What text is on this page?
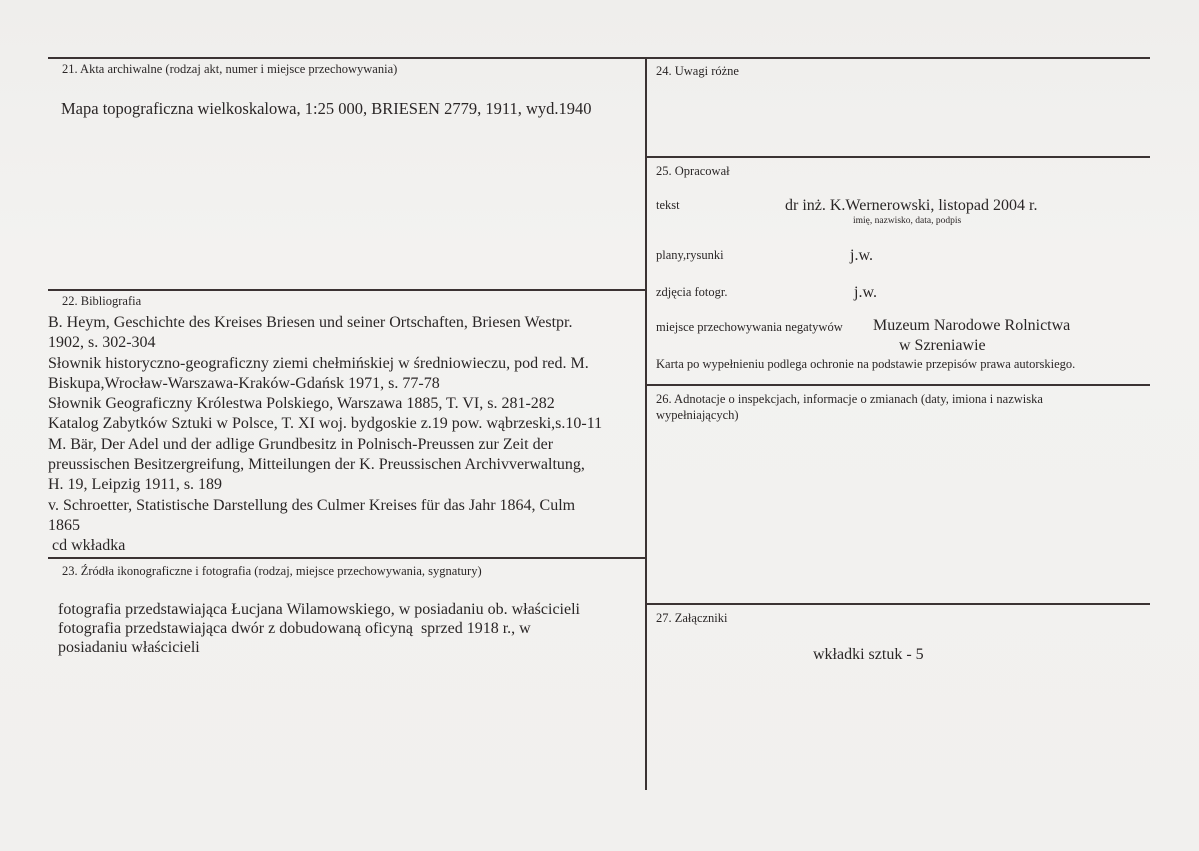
21. Akta archiwalne (rodzaj akt, numer i miejsce przechowywania)
Mapa topograficzna wielkoskalowa, 1:25 000, BRIESEN 2779, 1911, wyd.1940
22. Bibliografia
B. Heym, Geschichte des Kreises Briesen und seiner Ortschaften, Briesen Westpr.
1902, s. 302-304
Słownik historyczno-geograficzny ziemi chełmińskiej w średniowieczu, pod red. M.
Biskupa,Wrocław-Warszawa-Kraków-Gdańsk 1971, s. 77-78
Słownik Geograficzny Królestwa Polskiego, Warszawa 1885, T. VI, s. 281-282
Katalog Zabytków Sztuki w Polsce, T. XI woj. bydgoskie z.19 pow. wąbrzeski,s.10-11
M. Bär, Der Adel und der adlige Grundbesitz in Polnisch-Preussen zur Zeit der
preussischen Besitzergreifung, Mitteilungen der K. Preussischen Archivverwaltung,
H. 19, Leipzig 1911, s. 189
v. Schroetter, Statistische Darstellung des Culmer Kreises für das Jahr 1864, Culm
1865
cd wkładka
23. Źródła ikonograficzne i fotografia (rodzaj, miejsce przechowywania, sygnatury)
fotografia przedstawiająca Łucjana Wilamowskiego, w posiadaniu ob. właścicieli
fotografia przedstawiająca dwór z dobudowaną oficyną  sprzed 1918 r., w
posiadaniu właścicieli
24. Uwagi różne
25. Opracował
tekst	dr inż. K.Wernerowski, listopad 2004 r.
imię, nazwisko, data, podpis
plany,rysunki	j.w.
zdjęcia fotogr.	j.w.
miejsce przechowywania negatywów Muzeum Narodowe Rolnictwa
w Szreniawie
Karta po wypełnieniu podlega ochronie na podstawie przepisów prawa autorskiego.
26. Adnotacje o inspekcjach, informacje o zmianach (daty, imiona i nazwiska
wypełniających)
27. Załączniki
wkładki sztuk - 5
